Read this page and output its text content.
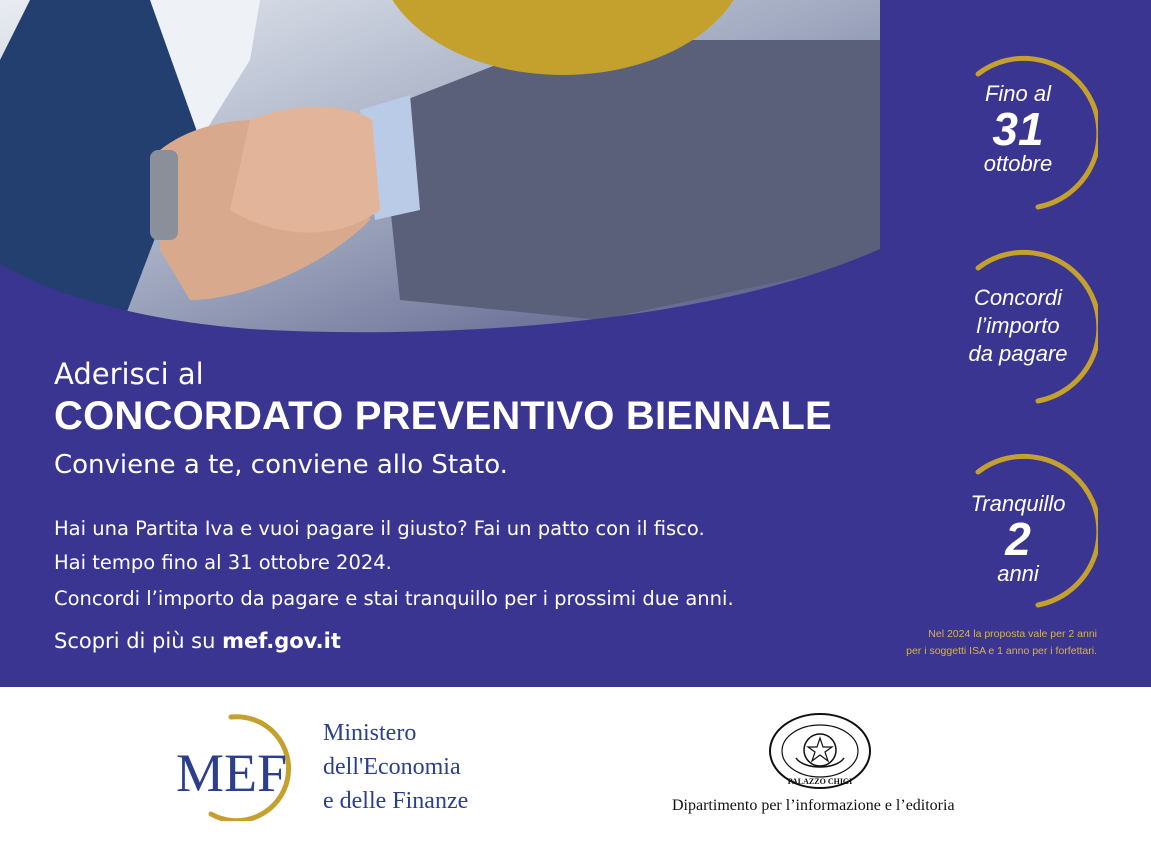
Aderisci al
CONCORDATO PREVENTIVO BIENNALE
Conviene a te, conviene allo Stato.
Hai una Partita Iva e vuoi pagare il giusto? Fai un patto con il fisco.
Hai tempo fino al 31 ottobre 2024.
Concordi l’importo da pagare e stai tranquillo per i prossimi due anni.
Scopri di più su mef.gov.it	Nel 2024 la proposta vale per 2 anni
per i soggetti ISA e 1 anno per i forfettari.
Fino al
31
ottobre
Concordi
l’importo
da pagare
Tranquillo
2
anni
MEF
Ministero
dell'Economia
e delle Finanze
PALAZZO CHIGI
Dipartimento per l’informazione e l’editoria
